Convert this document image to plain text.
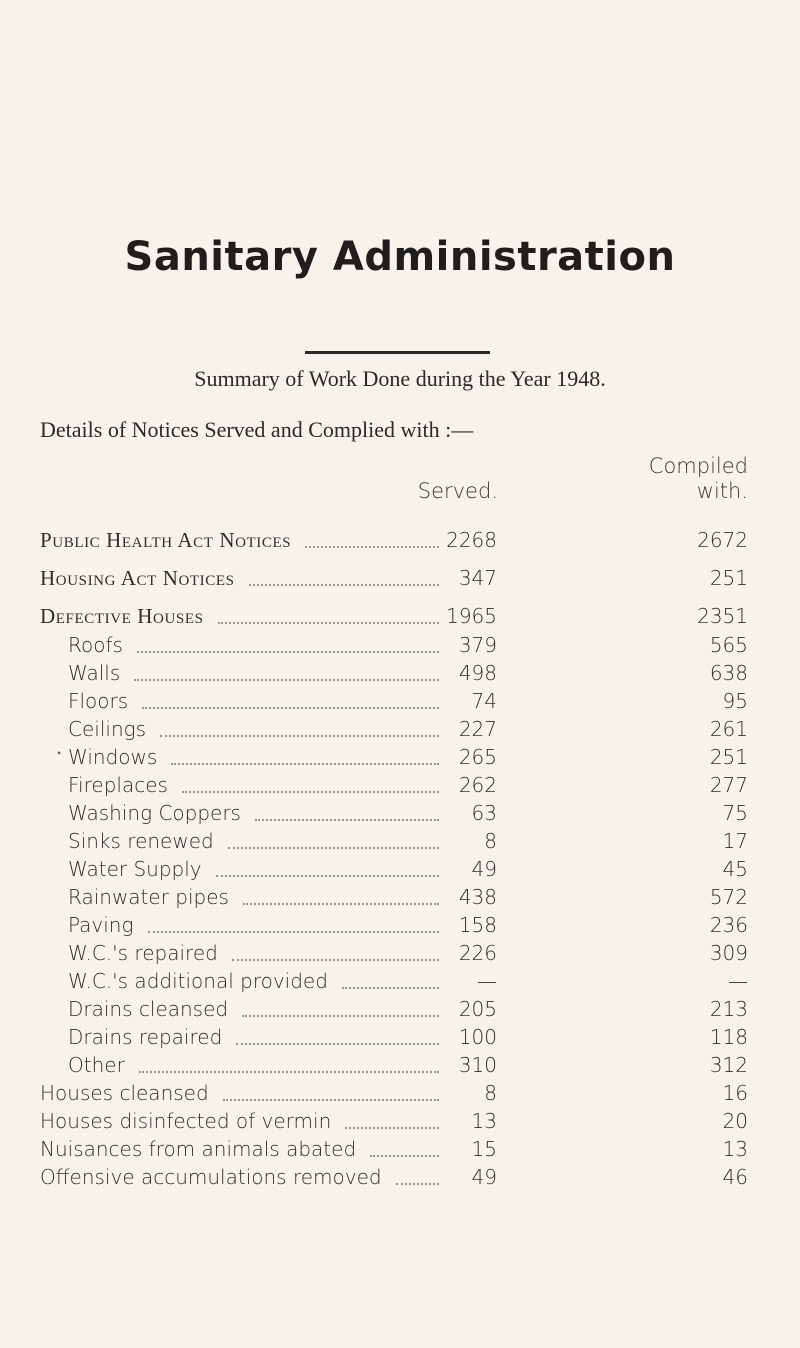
Sanitary Administration
Summary of Work Done during the Year 1948.
Details of Notices Served and Complied with :—
Served.
Compiled
with.
Public Health Act Notices	2268	2672
Housing Act Notices	347	251
Defective Houses	1965	2351
Roofs	379	565
Walls	498	638
Floors	74	95
Ceilings	227	261
Windows	265	251
Fireplaces	262	277
Washing Coppers	63	75
Sinks renewed	8	17
Water Supply	49	45
Rainwater pipes	438	572
Paving	158	236
W.C.'s repaired	226	309
W.C.'s additional provided	—	—
Drains cleansed	205	213
Drains repaired	100	118
Other	310	312
Houses cleansed	8	16
Houses disinfected of vermin	13	20
Nuisances from animals abated	15	13
Offensive accumulations removed	49	46
•
